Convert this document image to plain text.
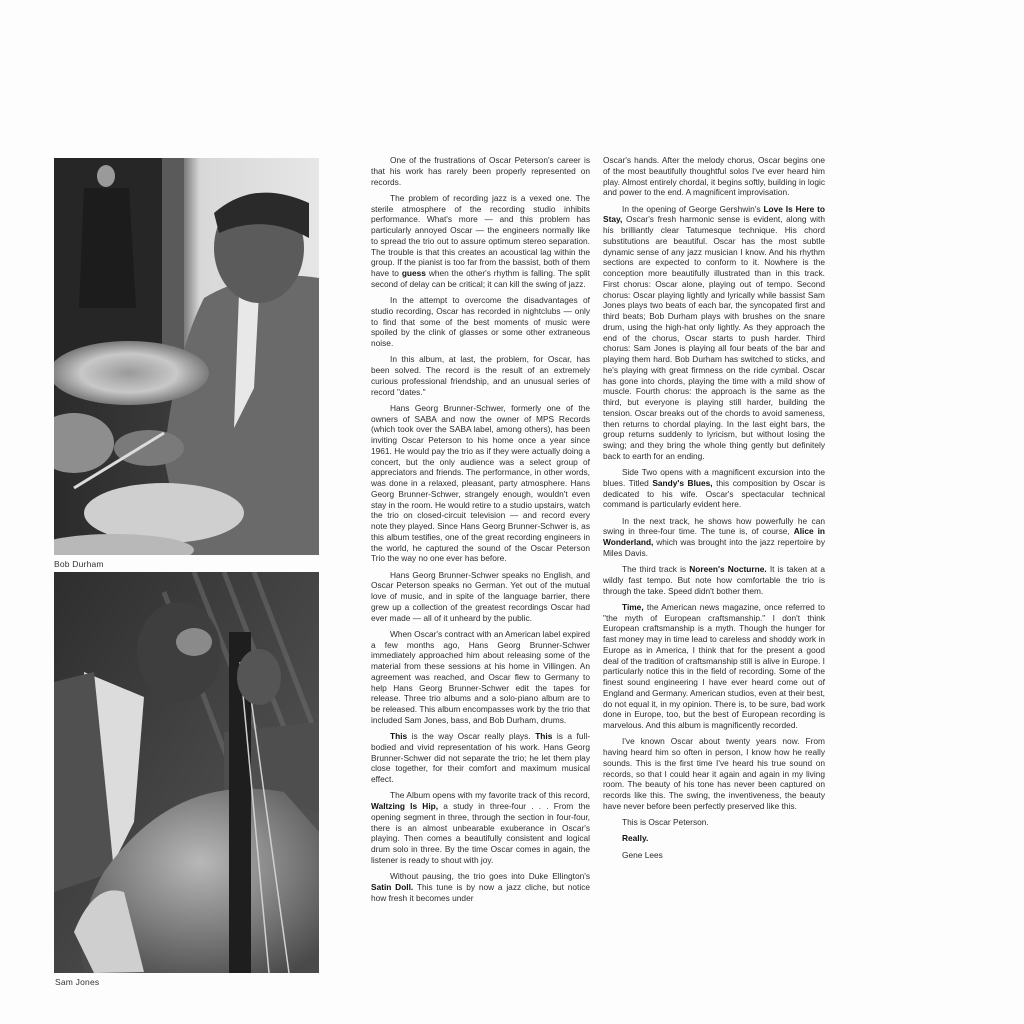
Bob Durham
Sam Jones

One of the frustrations of Oscar Peterson's career is that his work has rarely been properly represented on records.

The problem of recording jazz is a vexed one. The sterile atmosphere of the recording studio inhibits performance. What's more — and this problem has particularly annoyed Oscar — the engineers normally like to spread the trio out to assure optimum stereo separation. The trouble is that this creates an acoustical lag within the group. If the pianist is too far from the bassist, both of them have to guess when the other's rhythm is falling. The split second of delay can be critical; it can kill the swing of jazz.

In the attempt to overcome the disadvantages of studio recording, Oscar has recorded in nightclubs — only to find that some of the best moments of music were spoiled by the clink of glasses or some other extraneous noise.

In this album, at last, the problem, for Oscar, has been solved. The record is the result of an extremely curious professional friendship, and an unusual series of record "dates."

Hans Georg Brunner-Schwer, formerly one of the owners of SABA and now the owner of MPS Records (which took over the SABA label, among others), has been inviting Oscar Peterson to his home once a year since 1961. He would pay the trio as if they were actually doing a concert, but the only audience was a select group of appreciators and friends. The performance, in other words, was done in a relaxed, pleasant, party atmosphere. Hans Georg Brunner-Schwer, strangely enough, wouldn't even stay in the room. He would retire to a studio upstairs, watch the trio on closed-circuit television — and record every note they played. Since Hans Georg Brunner-Schwer is, as this album testifies, one of the great recording engineers in the world, he captured the sound of the Oscar Peterson Trio the way no one ever has before.

Hans Georg Brunner-Schwer speaks no English, and Oscar Peterson speaks no German. Yet out of the mutual love of music, and in spite of the language barrier, there grew up a collection of the greatest recordings Oscar had ever made — all of it unheard by the public.

When Oscar's contract with an American label expired a few months ago, Hans Georg Brunner-Schwer immediately approached him about releasing some of the material from these sessions at his home in Villingen. An agreement was reached, and Oscar flew to Germany to help Hans Georg Brunner-Schwer edit the tapes for release. Three trio albums and a solo-piano album are to be released. This album encompasses work by the trio that included Sam Jones, bass, and Bob Durham, drums.

This is the way Oscar really plays. This is a full-bodied and vivid representation of his work. Hans Georg Brunner-Schwer did not separate the trio; he let them play close together, for their comfort and maximum musical effect.

The Album opens with my favorite track of this record, Waltzing Is Hip, a study in three-four . . . From the opening segment in three, through the section in four-four, there is an almost unbearable exuberance in Oscar's playing. Then comes a beautifully consistent and logical drum solo in three. By the time Oscar comes in again, the listener is ready to shout with joy.

Without pausing, the trio goes into Duke Ellington's Satin Doll. This tune is by now a jazz cliche, but notice how fresh it becomes under

Oscar's hands. After the melody chorus, Oscar begins one of the most beautifully thoughtful solos I've ever heard him play. Almost entirely chordal, it begins softly, building in logic and power to the end. A magnificent improvisation.

In the opening of George Gershwin's Love Is Here to Stay, Oscar's fresh harmonic sense is evident, along with his brilliantly clear Tatumesque technique. His chord substitutions are beautiful. Oscar has the most subtle dynamic sense of any jazz musician I know. And his rhythm sections are expected to conform to it. Nowhere is the conception more beautifully illustrated than in this track. First chorus: Oscar alone, playing out of tempo. Second chorus: Oscar playing lightly and lyrically while bassist Sam Jones plays two beats of each bar, the syncopated first and third beats; Bob Durham plays with brushes on the snare drum, using the high-hat only lightly. As they approach the end of the chorus, Oscar starts to push harder. Third chorus: Sam Jones is playing all four beats of the bar and playing them hard. Bob Durham has switched to sticks, and he's playing with great firmness on the ride cymbal. Oscar has gone into chords, playing the time with a mild show of muscle. Fourth chorus: the approach is the same as the third, but everyone is playing still harder, building the tension. Oscar breaks out of the chords to avoid sameness, then returns to chordal playing. In the last eight bars, the group returns suddenly to lyricism, but without losing the swing; and they bring the whole thing gently but definitely back to earth for an ending.

Side Two opens with a magnificent excursion into the blues. Titled Sandy's Blues, this composition by Oscar is dedicated to his wife. Oscar's spectacular technical command is particularly evident here.

In the next track, he shows how powerfully he can swing in three-four time. The tune is, of course, Alice in Wonderland, which was brought into the jazz repertoire by Miles Davis.

The third track is Noreen's Nocturne. It is taken at a wildly fast tempo. But note how comfortable the trio is through the take. Speed didn't bother them.

Time, the American news magazine, once referred to "the myth of European craftsmanship." I don't think European craftsmanship is a myth. Though the hunger for fast money may in time lead to careless and shoddy work in Europe as in America, I think that for the present a good deal of the tradition of craftsmanship still is alive in Europe. I particularly notice this in the field of recording. Some of the finest sound engineering I have ever heard come out of England and Germany. American studios, even at their best, do not equal it, in my opinion. There is, to be sure, bad work done in Europe, too, but the best of European recording is marvelous. And this album is magnificently recorded.

I've known Oscar about twenty years now. From having heard him so often in person, I know how he really sounds. This is the first time I've heard his true sound on records, so that I could hear it again and again in my living room. The beauty of his tone has never been captured on records like this. The swing, the inventiveness, the beauty have never before been perfectly preserved like this.

This is Oscar Peterson.

Really.

Gene Lees
